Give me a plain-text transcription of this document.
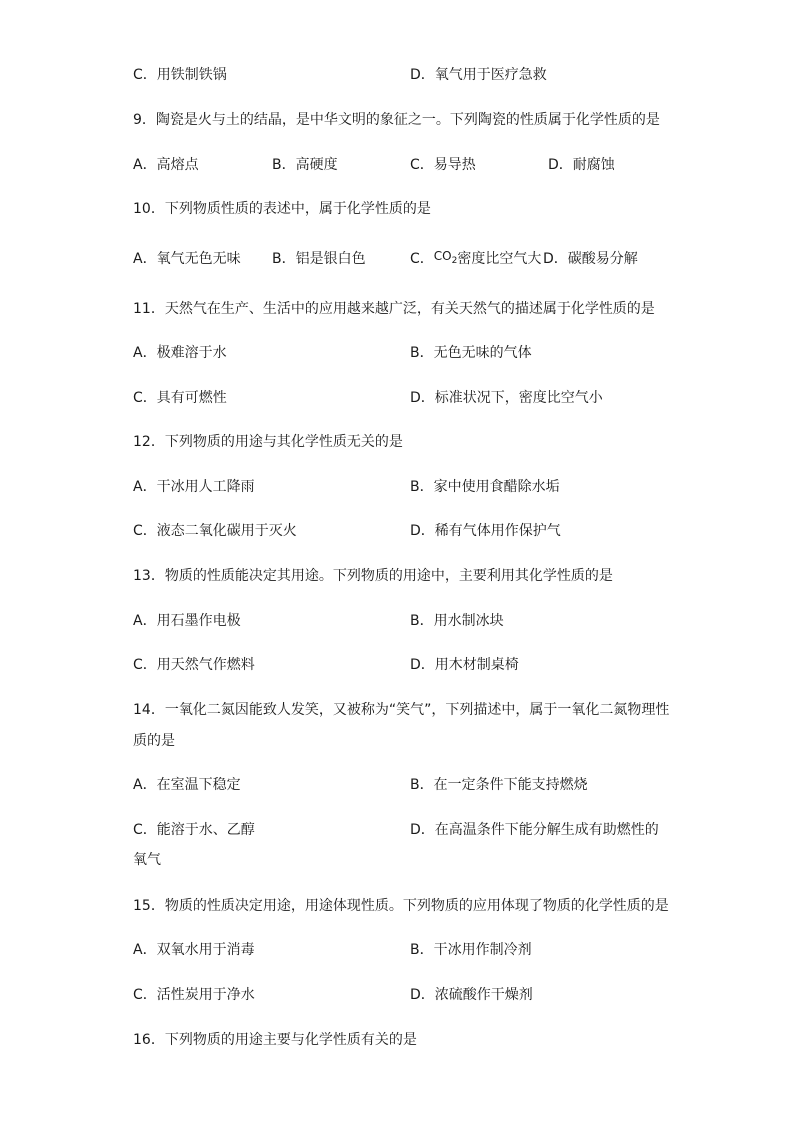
C．用铁制铁锅	D．氧气用于医疗急救
9．陶瓷是火与土的结晶，是中华文明的象征之一。下列陶瓷的性质属于化学性质的是
A．高熔点	B．高硬度	C．易导热	D．耐腐蚀
10．下列物质性质的表述中，属于化学性质的是
A．氧气无色无味 B．铝是银白色	C．$CO_2$密度比空气大 D．碳酸易分解
11．天然气在生产、生活中的应用越来越广泛，有关天然气的描述属于化学性质的是
A．极难溶于水	B．无色无味的气体
C．具有可燃性	D．标准状况下，密度比空气小
12．下列物质的用途与其化学性质无关的是
A．干冰用人工降雨	B．家中使用食醋除水垢
C．液态二氧化碳用于灭火	D．稀有气体用作保护气
13．物质的性质能决定其用途。下列物质的用途中，主要利用其化学性质的是
A．用石墨作电极	B．用水制冰块
C．用天然气作燃料	D．用木材制桌椅
14．一氧化二氮因能致人发笑，又被称为“笑气”，下列描述中，属于一氧化二氮物理性
质的是
A．在室温下稳定	B．在一定条件下能支持燃烧
C．能溶于水、乙醇	D．在高温条件下能分解生成有助燃性的
氧气
15．物质的性质决定用途，用途体现性质。下列物质的应用体现了物质的化学性质的是
A．双氧水用于消毒	B．干冰用作制冷剂
C．活性炭用于净水	D．浓硫酸作干燥剂
16．下列物质的用途主要与化学性质有关的是
